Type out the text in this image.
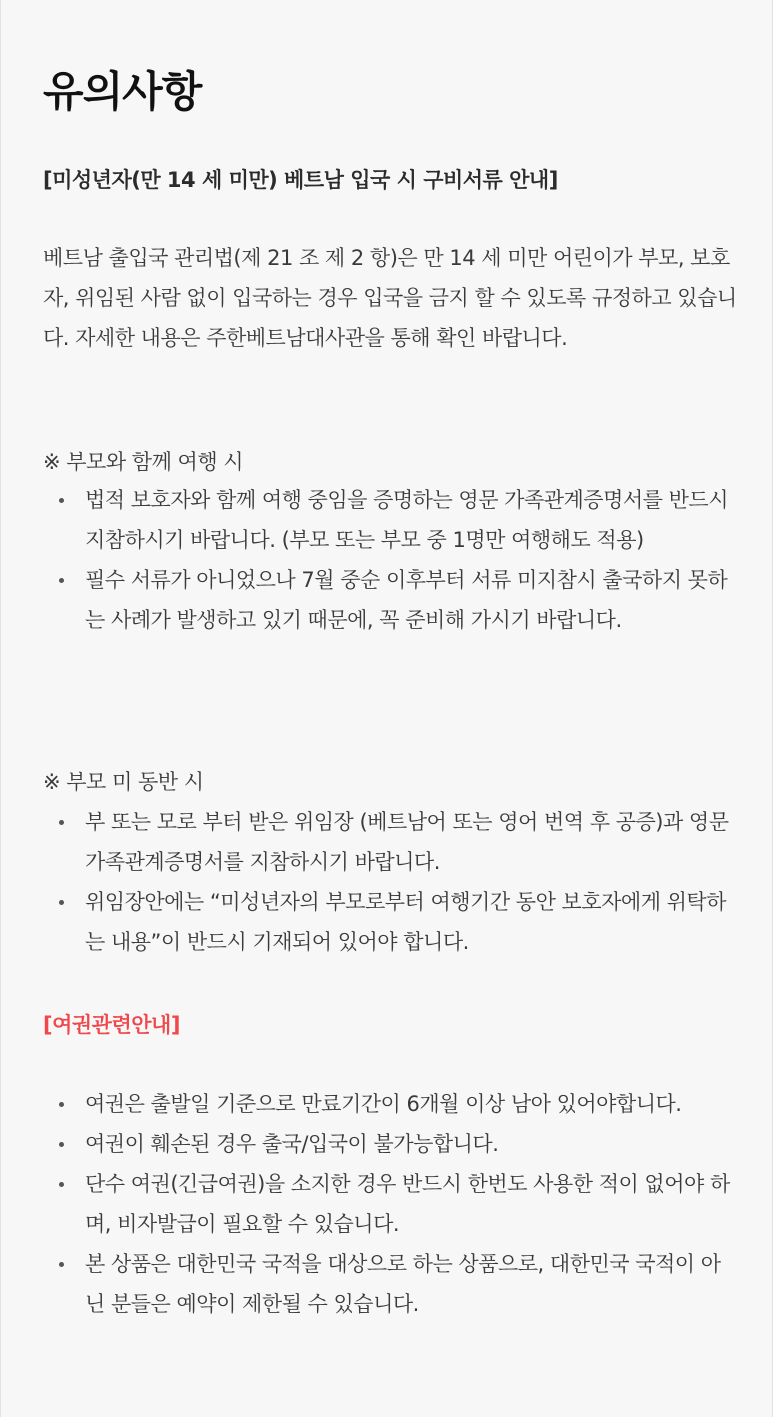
유의사항
[미성년자(만 14 세 미만) 베트남 입국 시 구비서류 안내]

베트남 출입국 관리법(제 21 조 제 2 항)은 만 14 세 미만 어린이가 부모, 보호자, 위임된 사람 없이 입국하는 경우 입국을 금지 할 수 있도록 규정하고 있습니다. 자세한 내용은 주한베트남대사관을 통해 확인 바랍니다.

※ 부모와 함께 여행 시

법적 보호자와 함께 여행 중임을 증명하는 영문 가족관계증명서를 반드시 지참하시기 바랍니다. (부모 또는 부모 중 1명만 여행해도 적용)
필수 서류가 아니었으나 7월 중순 이후부터 서류 미지참시 출국하지 못하는 사례가 발생하고 있기 때문에, 꼭 준비해 가시기 바랍니다.

※ 부모 미 동반 시

부 또는 모로 부터 받은 위임장 (베트남어 또는 영어 번역 후 공증)과 영문 가족관계증명서를 지참하시기 바랍니다.
위임장안에는 “미성년자의 부모로부터 여행기간 동안 보호자에게 위탁하는 내용”이 반드시 기재되어 있어야 합니다.
[여권관련안내]
여권은 출발일 기준으로 만료기간이 6개월 이상 남아 있어야합니다.
여권이 훼손된 경우 출국/입국이 불가능합니다.
단수 여권(긴급여권)을 소지한 경우 반드시 한번도 사용한 적이 없어야 하며, 비자발급이 필요할 수 있습니다.
본 상품은 대한민국 국적을 대상으로 하는 상품으로, 대한민국 국적이 아닌 분들은 예약이 제한될 수 있습니다.
